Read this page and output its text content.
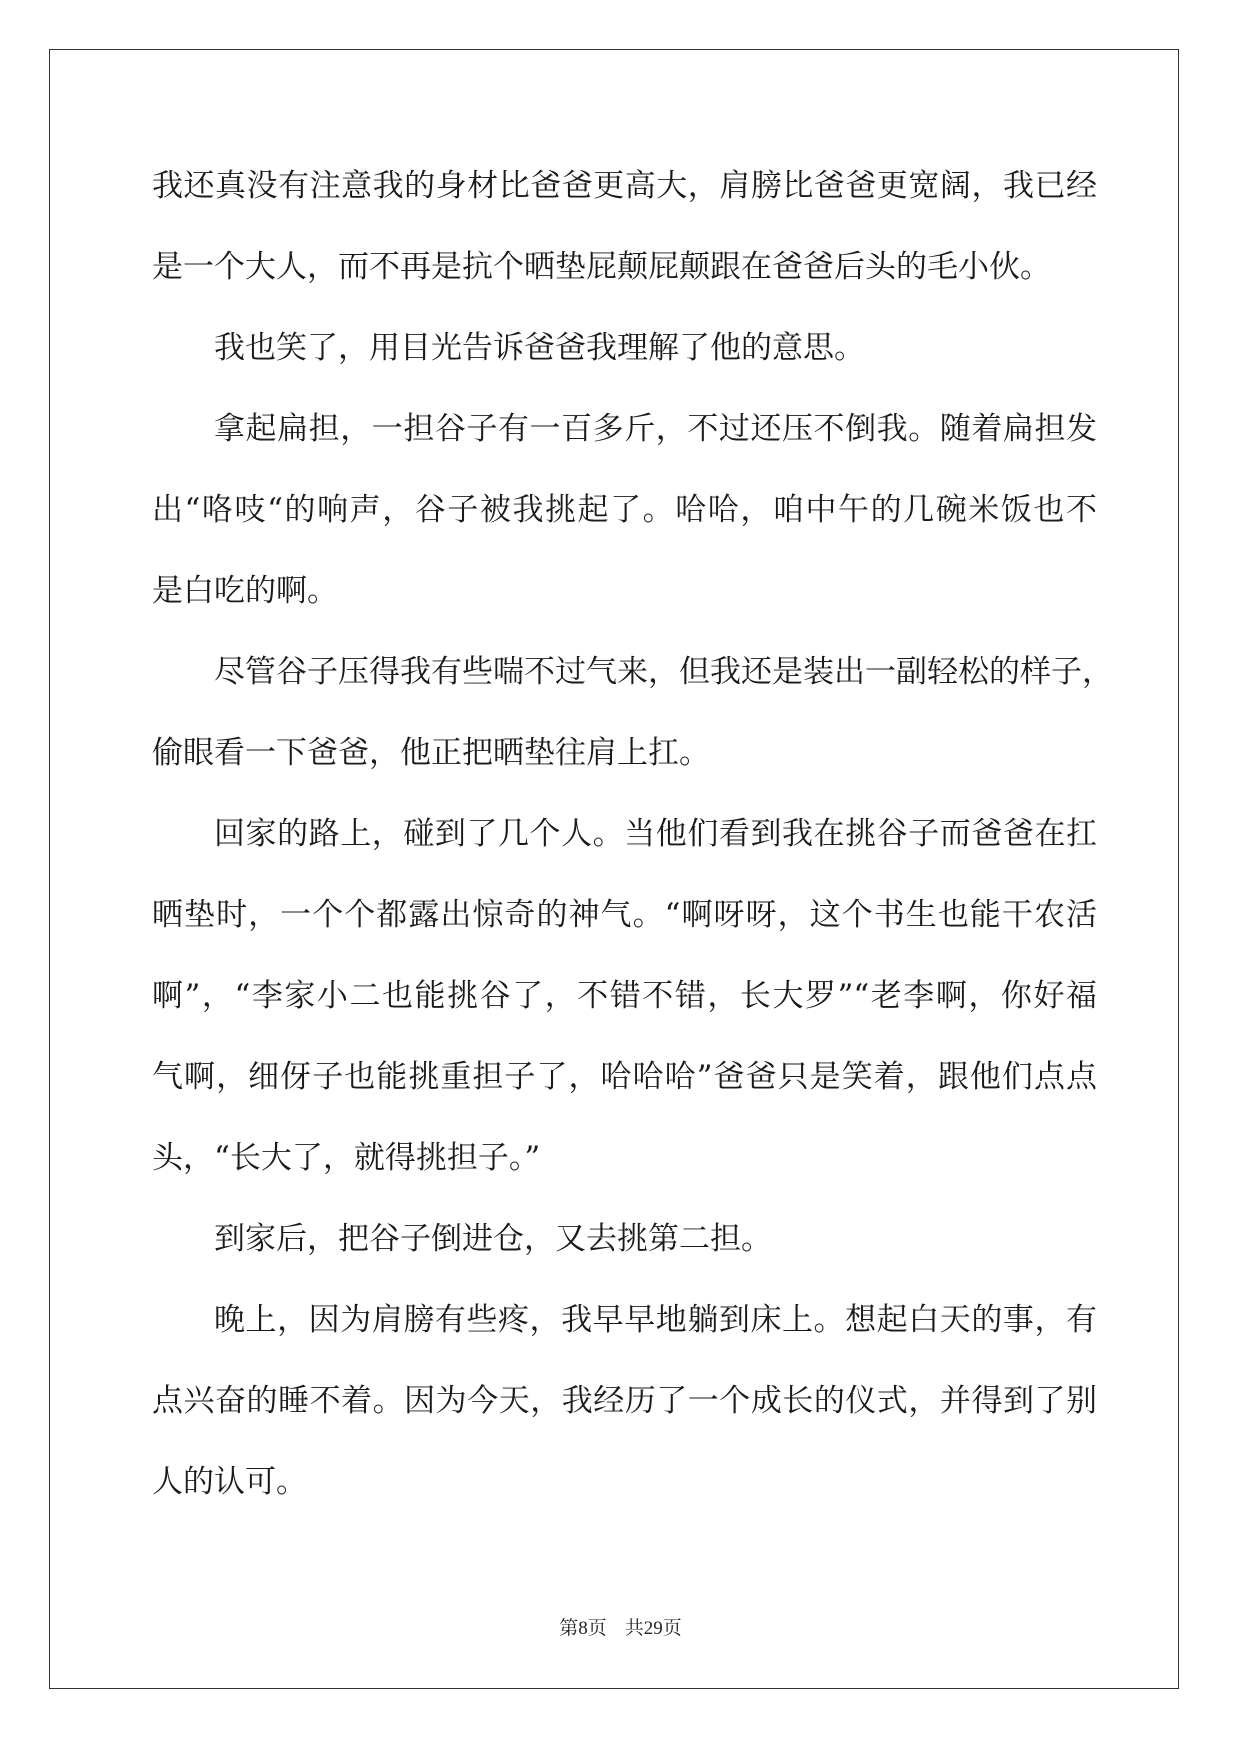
我还真没有注意我的身材比爸爸更高大，肩膀比爸爸更宽阔，我已经
是一个大人，而不再是抗个晒垫屁颠屁颠跟在爸爸后头的毛小伙。
我也笑了，用目光告诉爸爸我理解了他的意思。
拿起扁担，一担谷子有一百多斤，不过还压不倒我。随着扁担发
出“咯吱“的响声，谷子被我挑起了。哈哈，咱中午的几碗米饭也不
是白吃的啊。
尽管谷子压得我有些喘不过气来，但我还是装出一副轻松的样子，
偷眼看一下爸爸，他正把晒垫往肩上扛。
回家的路上，碰到了几个人。当他们看到我在挑谷子而爸爸在扛
晒垫时，一个个都露出惊奇的神气。“啊呀呀，这个书生也能干农活
啊”，“李家小二也能挑谷了，不错不错，长大罗”“老李啊，你好福
气啊，细伢子也能挑重担子了，哈哈哈”爸爸只是笑着，跟他们点点
头，“长大了，就得挑担子。”
到家后，把谷子倒进仓，又去挑第二担。
晚上，因为肩膀有些疼，我早早地躺到床上。想起白天的事，有
点兴奋的睡不着。因为今天，我经历了一个成长的仪式，并得到了别
人的认可。
第8页 共29页
